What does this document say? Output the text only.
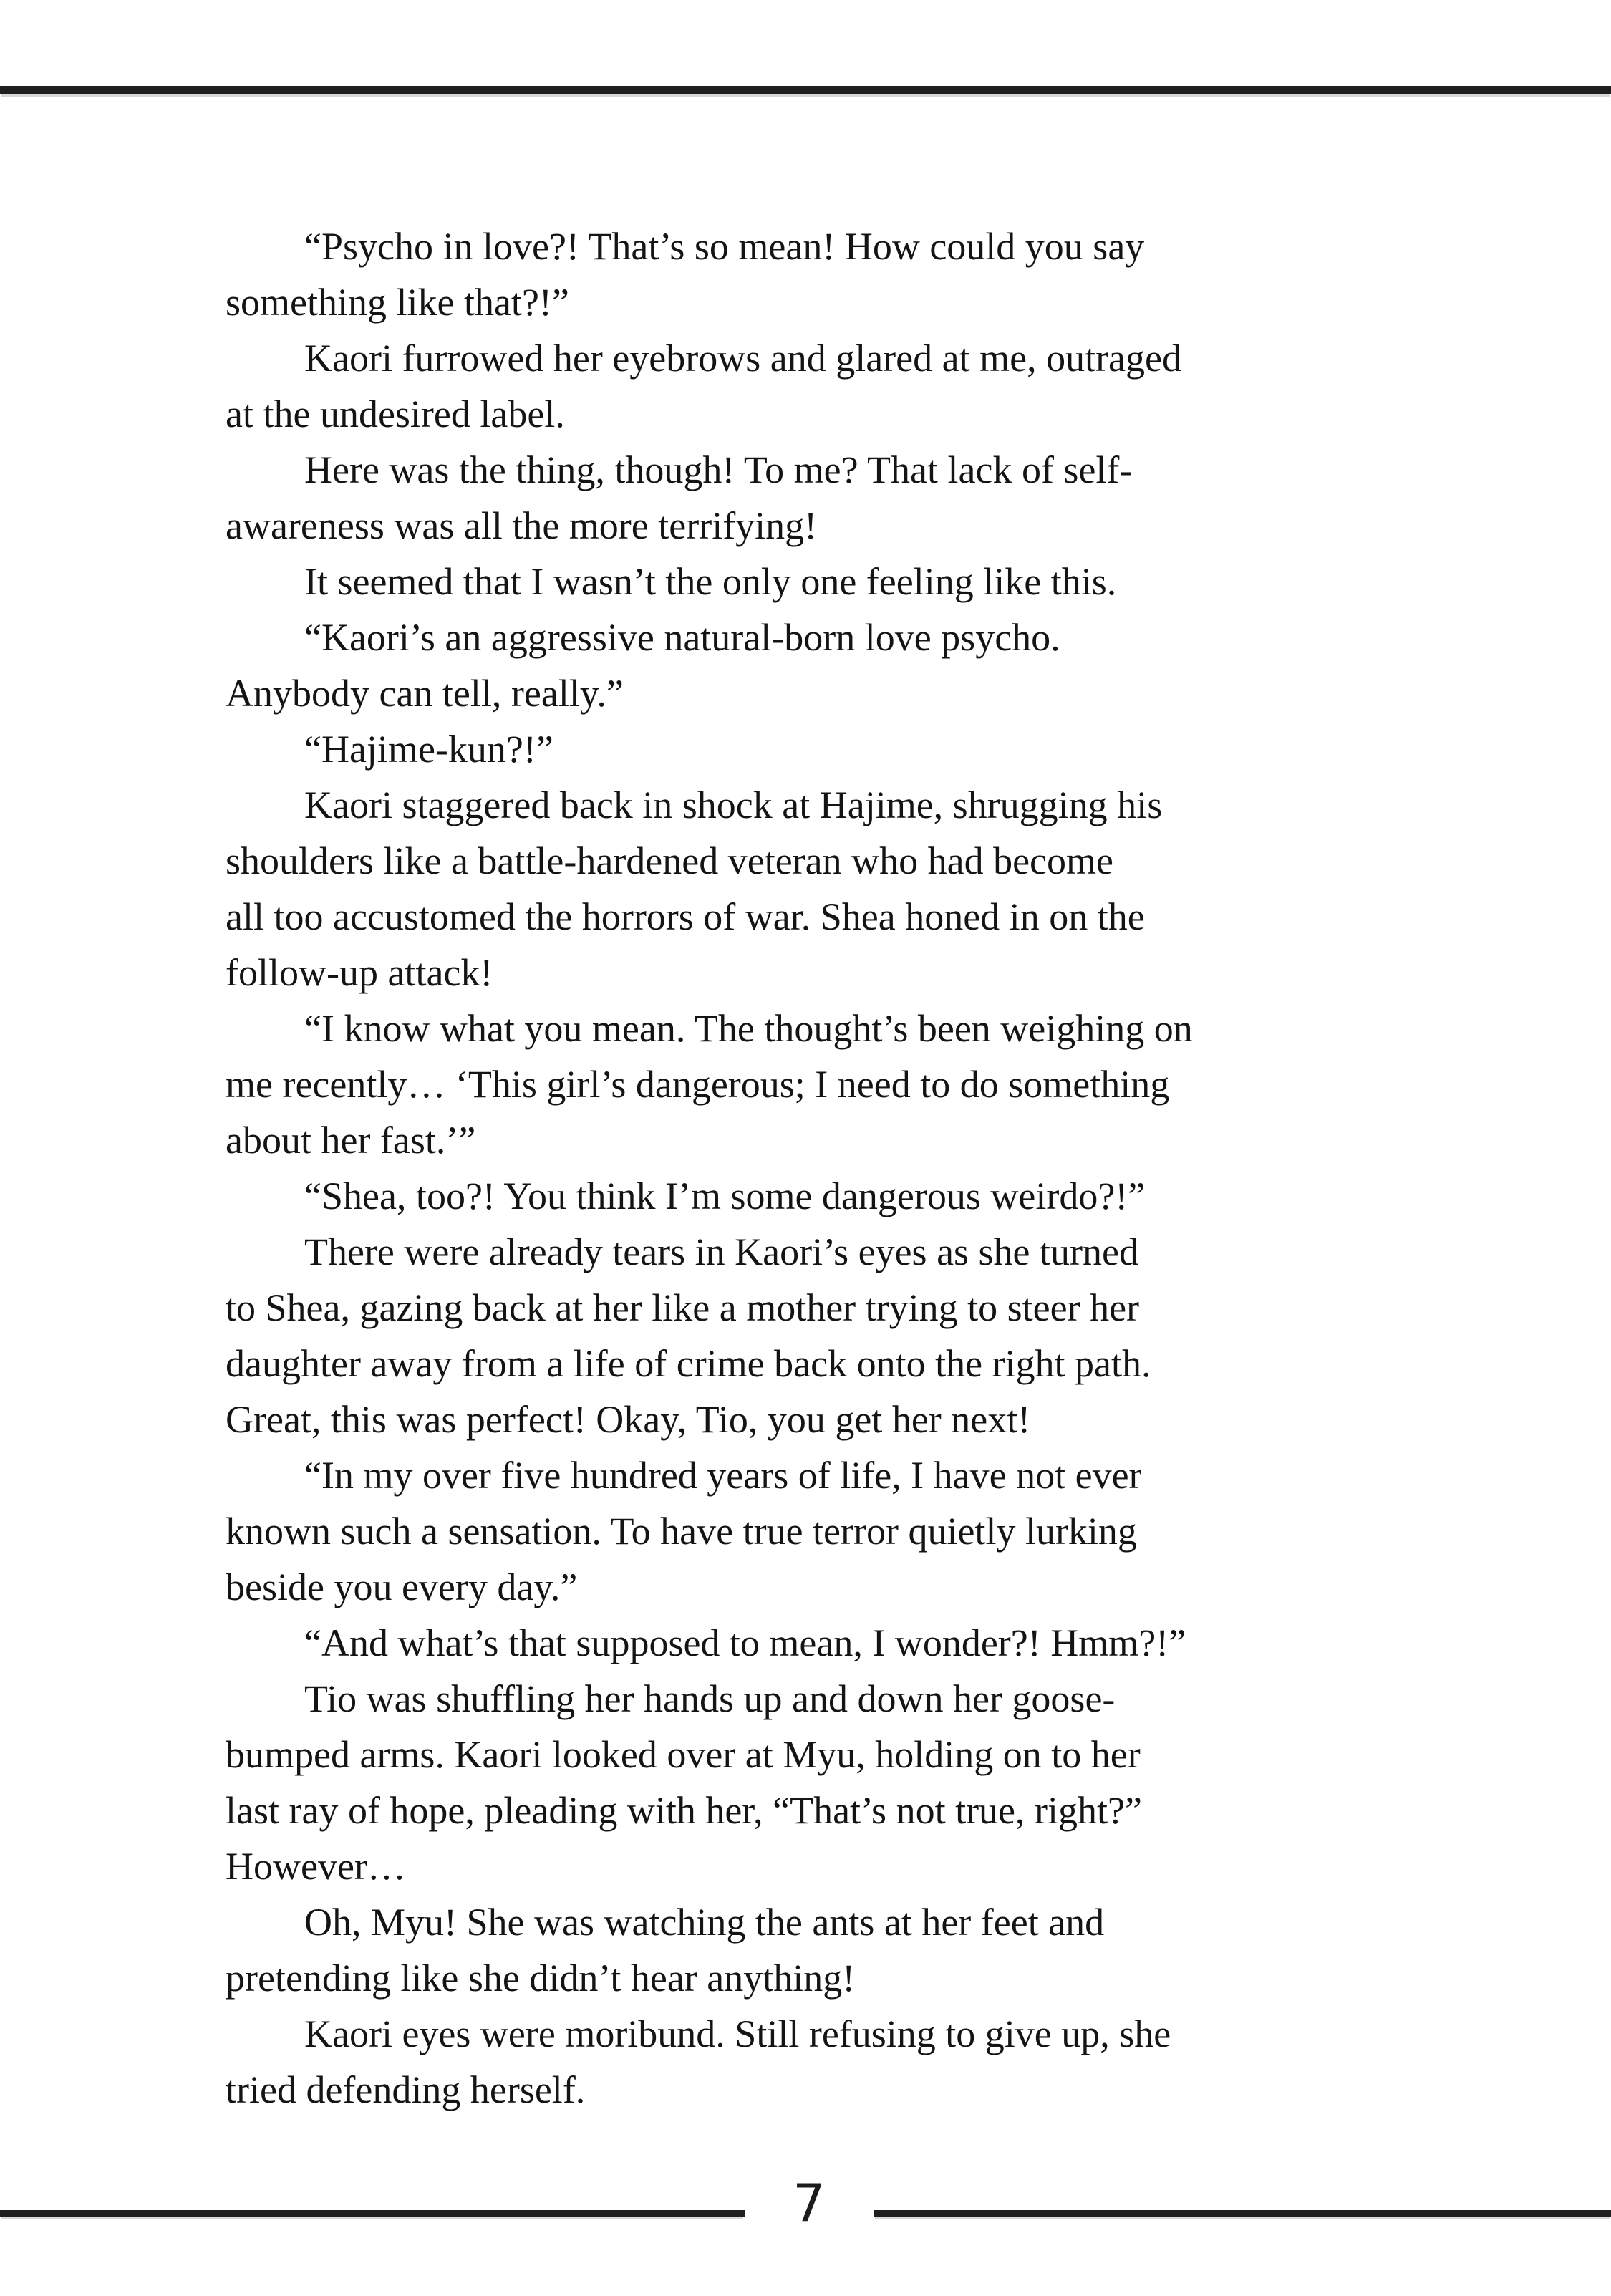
“Psycho in love?! That’s so mean! How could you say
something like that?!”
Kaori furrowed her eyebrows and glared at me, outraged
at the undesired label.
Here was the thing, though! To me? That lack of self-
awareness was all the more terrifying!
It seemed that I wasn’t the only one feeling like this.
“Kaori’s an aggressive natural-born love psycho.
Anybody can tell, really.”
“Hajime-kun?!”
Kaori staggered back in shock at Hajime, shrugging his
shoulders like a battle-hardened veteran who had become
all too accustomed the horrors of war. Shea honed in on the
follow-up attack!
“I know what you mean. The thought’s been weighing on
me recently… ‘This girl’s dangerous; I need to do something
about her fast.’”
“Shea, too?! You think I’m some dangerous weirdo?!”
There were already tears in Kaori’s eyes as she turned
to Shea, gazing back at her like a mother trying to steer her
daughter away from a life of crime back onto the right path.
Great, this was perfect! Okay, Tio, you get her next!
“In my over five hundred years of life, I have not ever
known such a sensation. To have true terror quietly lurking
beside you every day.”
“And what’s that supposed to mean, I wonder?! Hmm?!”
Tio was shuffling her hands up and down her goose-
bumped arms. Kaori looked over at Myu, holding on to her
last ray of hope, pleading with her, “That’s not true, right?”
However…
Oh, Myu! She was watching the ants at her feet and
pretending like she didn’t hear anything!
Kaori eyes were moribund. Still refusing to give up, she
tried defending herself.
7
